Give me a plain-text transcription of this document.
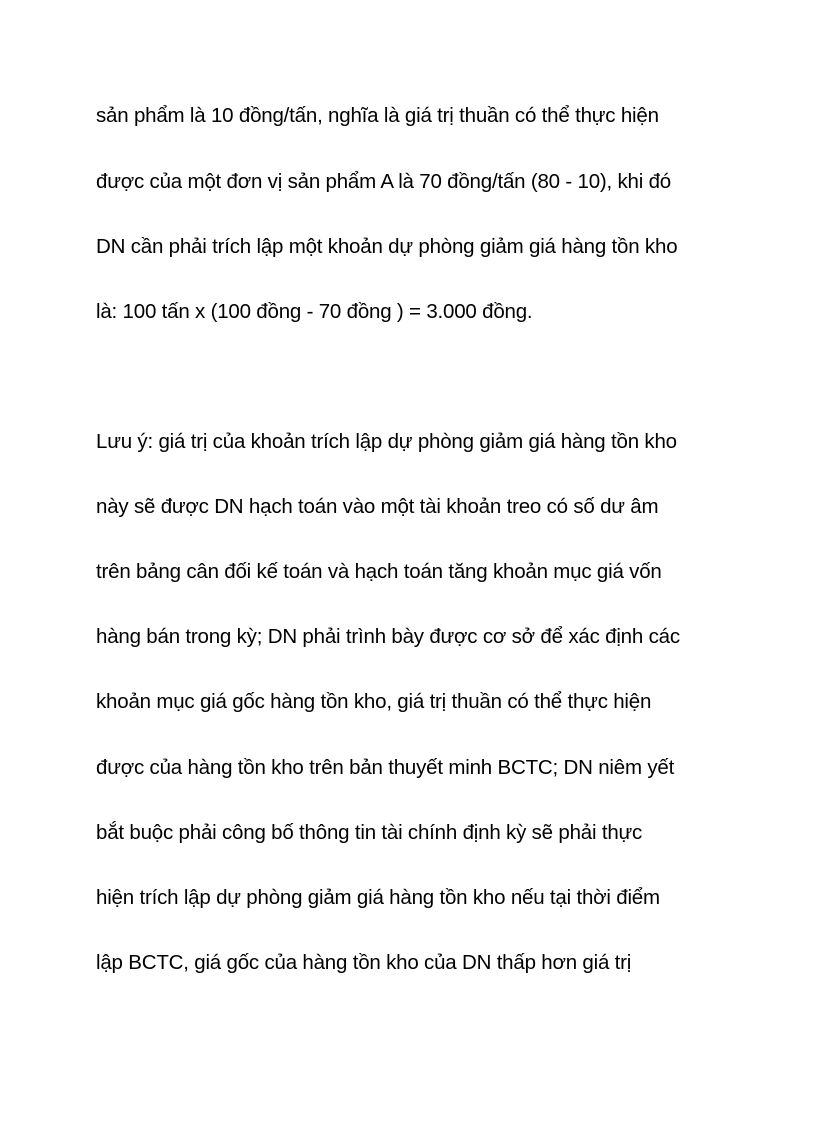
sản phẩm là 10 đồng/tấn, nghĩa là giá trị thuần có thể thực hiện

được của một đơn vị sản phẩm A là 70 đồng/tấn (80 - 10), khi đó

DN cần phải trích lập một khoản dự phòng giảm giá hàng tồn kho

là: 100 tấn x (100 đồng - 70 đồng ) = 3.000 đồng.

Lưu ý: giá trị của khoản trích lập dự phòng giảm giá hàng tồn kho

này sẽ được DN hạch toán vào một tài khoản treo có số dư âm

trên bảng cân đối kế toán và hạch toán tăng khoản mục giá vốn

hàng bán trong kỳ; DN phải trình bày được cơ sở để xác định các

khoản mục giá gốc hàng tồn kho, giá trị thuần có thể thực hiện

được của hàng tồn kho trên bản thuyết minh BCTC; DN niêm yết

bắt buộc phải công bố thông tin tài chính định kỳ sẽ phải thực

hiện trích lập dự phòng giảm giá hàng tồn kho nếu tại thời điểm

lập BCTC, giá gốc của hàng tồn kho của DN thấp hơn giá trị
